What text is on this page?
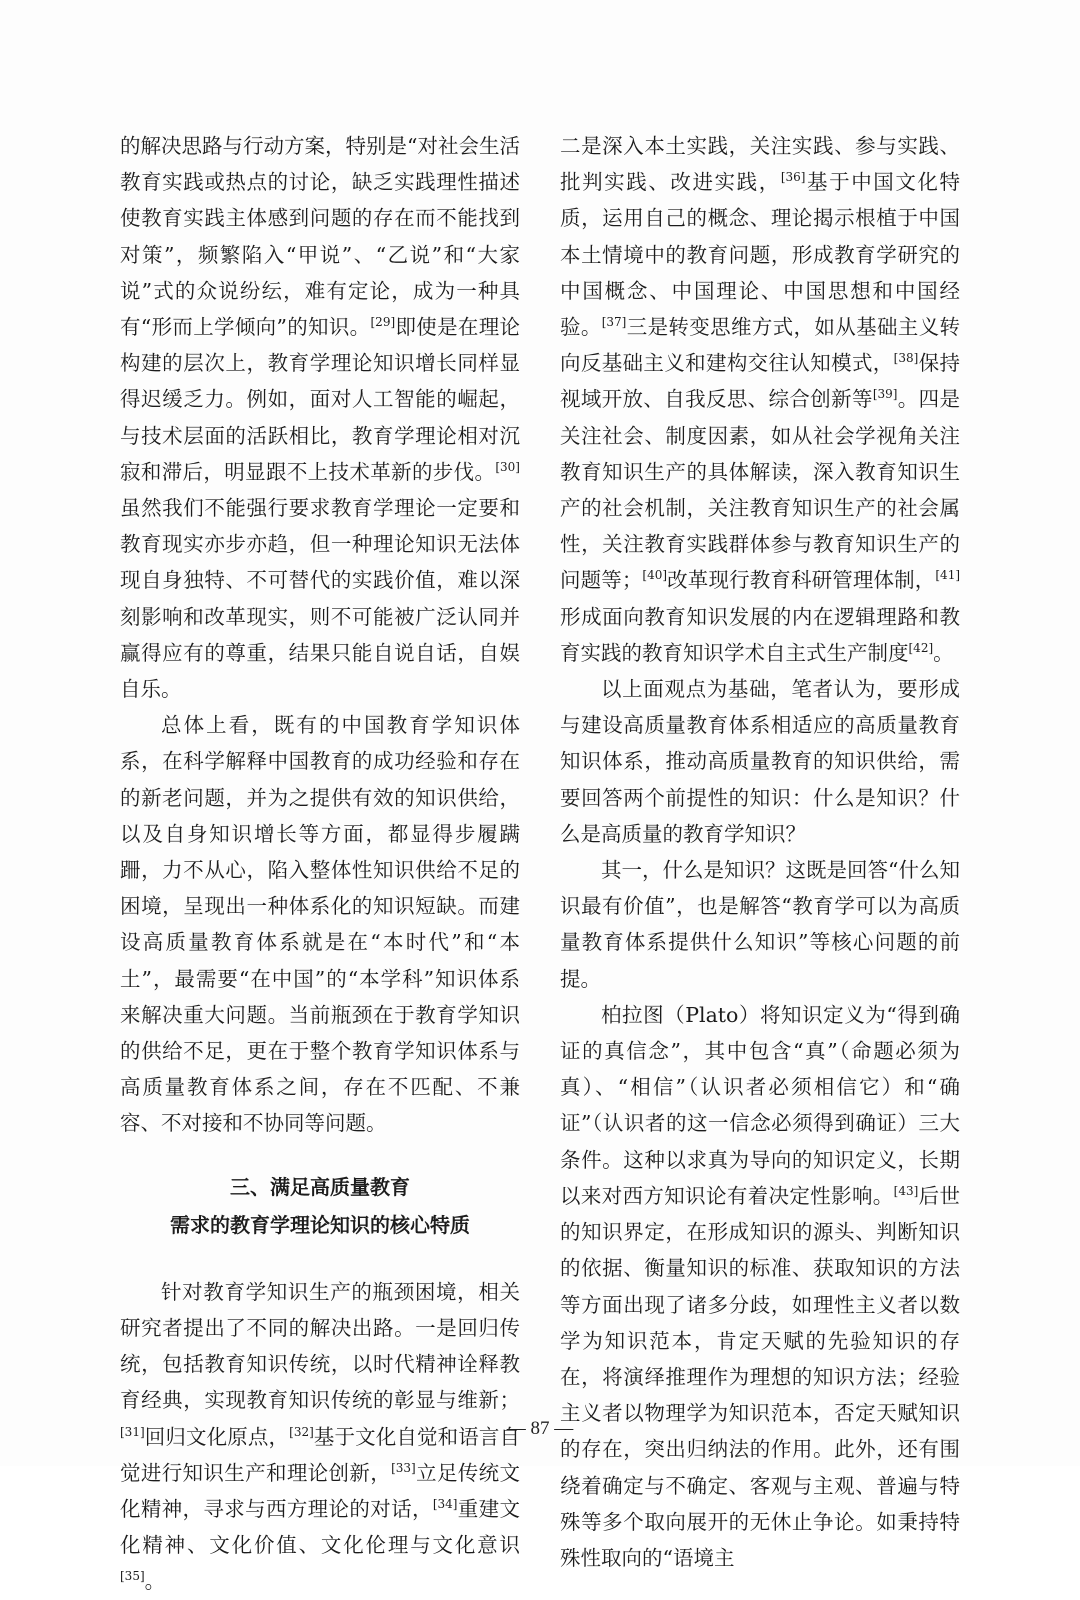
的解决思路与行动方案，特别是“对社会生活教育实践或热点的讨论，缺乏实践理性描述使教育实践主体感到问题的存在而不能找到对策”，频繁陷入“甲说”、“乙说”和“大家说”式的众说纷纭，难有定论，成为一种具有“形而上学倾向”的知识。[29]即使是在理论构建的层次上，教育学理论知识增长同样显得迟缓乏力。例如，面对人工智能的崛起，与技术层面的活跃相比，教育学理论相对沉寂和滞后，明显跟不上技术革新的步伐。[30]虽然我们不能强行要求教育学理论一定要和教育现实亦步亦趋，但一种理论知识无法体现自身独特、不可替代的实践价值，难以深刻影响和改革现实，则不可能被广泛认同并赢得应有的尊重，结果只能自说自话，自娱自乐。

总体上看，既有的中国教育学知识体系，在科学解释中国教育的成功经验和存在的新老问题，并为之提供有效的知识供给，以及自身知识增长等方面，都显得步履蹒跚，力不从心，陷入整体性知识供给不足的困境，呈现出一种体系化的知识短缺。而建设高质量教育体系就是在“本时代”和“本土”，最需要“在中国”的“本学科”知识体系来解决重大问题。当前瓶颈在于教育学知识的供给不足，更在于整个教育学知识体系与高质量教育体系之间，存在不匹配、不兼容、不对接和不协同等问题。

三、满足高质量教育
需求的教育学理论知识的核心特质

针对教育学知识生产的瓶颈困境，相关研究者提出了不同的解决出路。一是回归传统，包括教育知识传统，以时代精神诠释教育经典，实现教育知识传统的彰显与维新；[31]回归文化原点，[32]基于文化自觉和语言自觉进行知识生产和理论创新，[33]立足传统文化精神，寻求与西方理论的对话，[34]重建文化精神、文化价值、文化伦理与文化意识[35]。

二是深入本土实践，关注实践、参与实践、批判实践、改进实践，[36]基于中国文化特质，运用自己的概念、理论揭示根植于中国本土情境中的教育问题，形成教育学研究的中国概念、中国理论、中国思想和中国经验。[37]三是转变思维方式，如从基础主义转向反基础主义和建构交往认知模式，[38]保持视域开放、自我反思、综合创新等[39]。四是关注社会、制度因素，如从社会学视角关注教育知识生产的具体解读，深入教育知识生产的社会机制，关注教育知识生产的社会属性，关注教育实践群体参与教育知识生产的问题等；[40]改革现行教育科研管理体制，[41]形成面向教育知识发展的内在逻辑理路和教育实践的教育知识学术自主式生产制度[42]。

以上面观点为基础，笔者认为，要形成与建设高质量教育体系相适应的高质量教育知识体系，推动高质量教育的知识供给，需要回答两个前提性的知识：什么是知识？什么是高质量的教育学知识？

其一，什么是知识？这既是回答“什么知识最有价值”，也是解答“教育学可以为高质量教育体系提供什么知识”等核心问题的前提。

柏拉图（Plato）将知识定义为“得到确证的真信念”，其中包含“真”（命题必须为真）、“相信”（认识者必须相信它）和“确证”（认识者的这一信念必须得到确证）三大条件。这种以求真为导向的知识定义，长期以来对西方知识论有着决定性影响。[43]后世的知识界定，在形成知识的源头、判断知识的依据、衡量知识的标准、获取知识的方法等方面出现了诸多分歧，如理性主义者以数学为知识范本，肯定天赋的先验知识的存在，将演绎推理作为理想的知识方法；经验主义者以物理学为知识范本，否定天赋知识的存在，突出归纳法的作用。此外，还有围绕着确定与不确定、客观与主观、普遍与特殊等多个取向展开的无休止争论。如秉持特殊性取向的“语境主

— 87 —
